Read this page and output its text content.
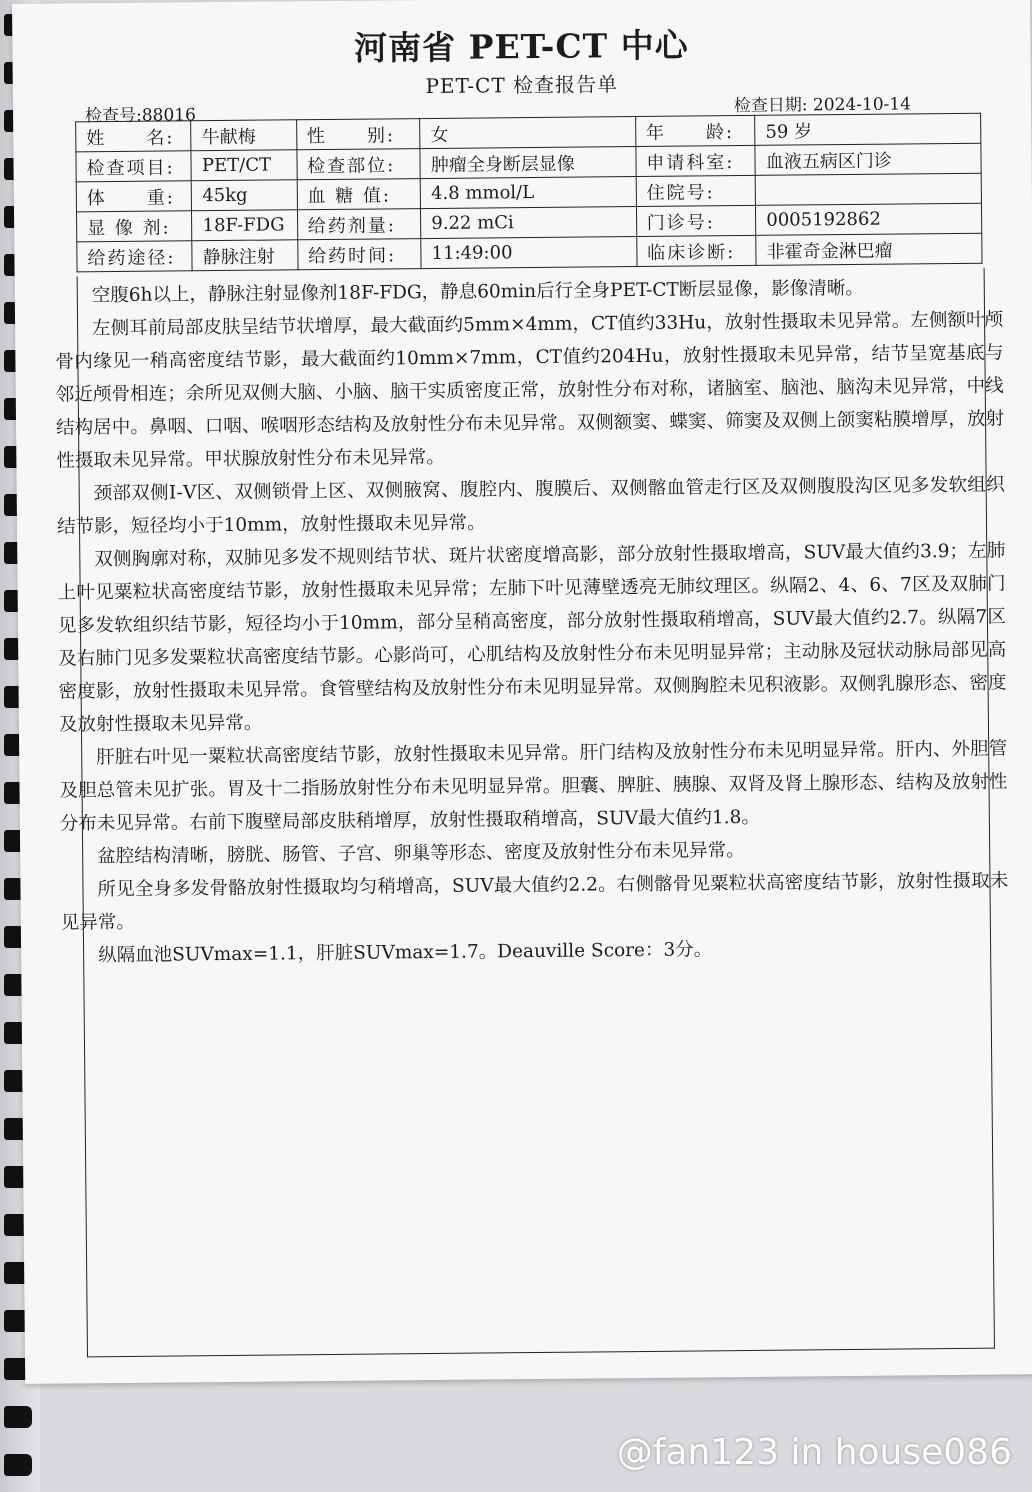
河南省 PET-CT 中心
PET-CT 检查报告单
检查号:88016	检查日期: 2024-10-14
姓　　名:	牛献梅	性　　别:	女	年　　龄:	59 岁
检查项目:	PET/CT	检查部位:	肿瘤全身断层显像	申请科室:	血液五病区门诊
体　　重:	45kg	血 糖 值:	4.8 mmol/L	住院号:	
显 像 剂:	18F-FDG	给药剂量:	9.22 mCi	门诊号:	0005192862
给药途径:	静脉注射	给药时间:	11:49:00	临床诊断:	非霍奇金淋巴瘤

空腹6h以上，静脉注射显像剂18F-FDG，静息60min后行全身PET-CT断层显像，影像清晰。

左侧耳前局部皮肤呈结节状增厚，最大截面约5mm×4mm，CT值约33Hu，放射性摄取未见异常。左侧额叶颅骨内缘见一稍高密度结节影，最大截面约10mm×7mm，CT值约204Hu，放射性摄取未见异常，结节呈宽基底与邻近颅骨相连；余所见双侧大脑、小脑、脑干实质密度正常，放射性分布对称，诸脑室、脑池、脑沟未见异常，中线结构居中。鼻咽、口咽、喉咽形态结构及放射性分布未见异常。双侧额窦、蝶窦、筛窦及双侧上颌窦粘膜增厚，放射性摄取未见异常。甲状腺放射性分布未见异常。

颈部双侧Ⅰ-Ⅴ区、双侧锁骨上区、双侧腋窝、腹腔内、腹膜后、双侧髂血管走行区及双侧腹股沟区见多发软组织结节影，短径均小于10mm，放射性摄取未见异常。

双侧胸廓对称，双肺见多发不规则结节状、斑片状密度增高影，部分放射性摄取增高，SUV最大值约3.9；左肺上叶见粟粒状高密度结节影，放射性摄取未见异常；左肺下叶见薄壁透亮无肺纹理区。纵隔2、4、6、7区及双肺门见多发软组织结节影，短径均小于10mm，部分呈稍高密度，部分放射性摄取稍增高，SUV最大值约2.7。纵隔7区及右肺门见多发粟粒状高密度结节影。心影尚可，心肌结构及放射性分布未见明显异常；主动脉及冠状动脉局部见高密度影，放射性摄取未见异常。食管壁结构及放射性分布未见明显异常。双侧胸腔未见积液影。双侧乳腺形态、密度及放射性摄取未见异常。

肝脏右叶见一粟粒状高密度结节影，放射性摄取未见异常。肝门结构及放射性分布未见明显异常。肝内、外胆管及胆总管未见扩张。胃及十二指肠放射性分布未见明显异常。胆囊、脾脏、胰腺、双肾及肾上腺形态、结构及放射性分布未见异常。右前下腹壁局部皮肤稍增厚，放射性摄取稍增高，SUV最大值约1.8。

盆腔结构清晰，膀胱、肠管、子宫、卵巢等形态、密度及放射性分布未见异常。

所见全身多发骨骼放射性摄取均匀稍增高，SUV最大值约2.2。右侧髂骨见粟粒状高密度结节影，放射性摄取未见异常。

纵隔血池SUVmax=1.1，肝脏SUVmax=1.7。Deauville Score：3分。

@fan123 in house086
